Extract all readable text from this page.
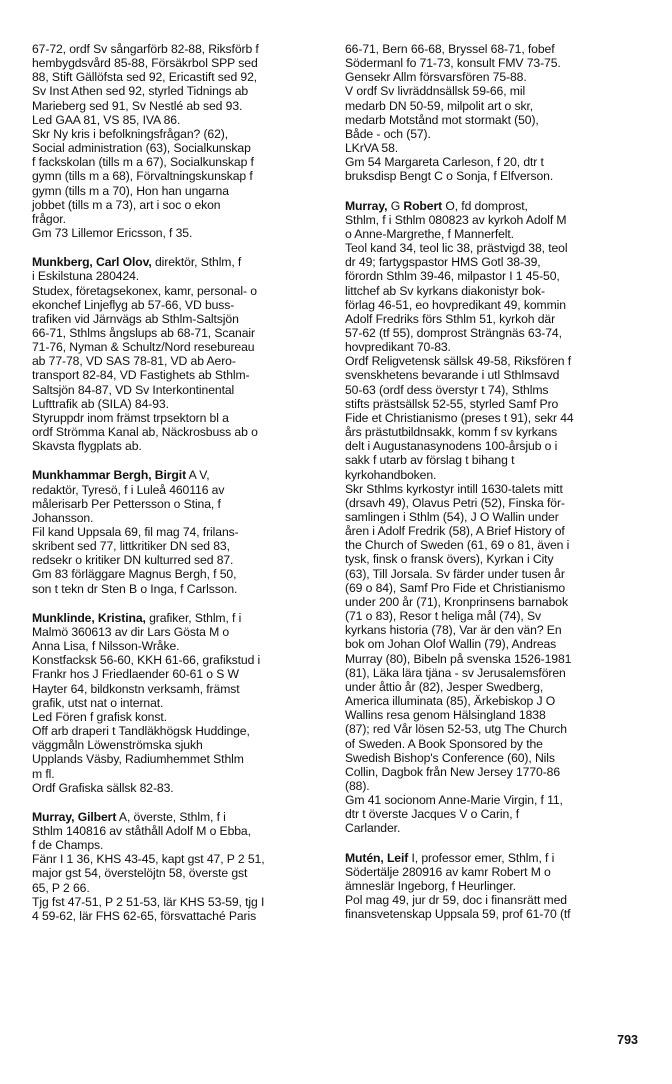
67-72, ordf Sv sångarförb 82-88, Riksförb f
hembygdsvård 85-88, Försäkrbol SPP sed
88, Stift Gällöfsta sed 92, Ericastift sed 92,
Sv Inst Athen sed 92, styrled Tidnings ab
Marieberg sed 91, Sv Nestlé ab sed 93.
Led GAA 81, VS 85, IVA 86.
Skr Ny kris i befolkningsfrågan? (62),
Social administration (63), Socialkunskap
f fackskolan (tills m a 67), Socialkunskap f
gymn (tills m a 68), Förvaltningskunskap f
gymn (tills m a 70), Hon han ungarna
jobbet (tills m a 73), art i soc o ekon
frågor.
Gm 73 Lillemor Ericsson, f 35.
Munkberg, Carl Olov, direktör, Sthlm, f
i Eskilstuna 280424.
Studex, företagsekonex, kamr, personal- o
ekonchef Linjeflyg ab 57-66, VD buss-
trafiken vid Järnvägs ab Sthlm-Saltsjön
66-71, Sthlms ångslups ab 68-71, Scanair
71-76, Nyman & Schultz/Nord resebureau
ab 77-78, VD SAS 78-81, VD ab Aero-
transport 82-84, VD Fastighets ab Sthlm-
Saltsjön 84-87, VD Sv Interkontinental
Lufttrafik ab (SILA) 84-93.
Styruppdr inom främst trpsektorn bl a
ordf Strömma Kanal ab, Näckrosbuss ab o
Skavsta flygplats ab.
Munkhammar Bergh, Birgit A V,
redaktör, Tyresö, f i Luleå 460116 av
målerisarb Per Pettersson o Stina, f
Johansson.
Fil kand Uppsala 69, fil mag 74, frilans-
skribent sed 77, littkritiker DN sed 83,
redsekr o kritiker DN kulturred sed 87.
Gm 83 förläggare Magnus Bergh, f 50,
son t tekn dr Sten B o Inga, f Carlsson.
Munklinde, Kristina, grafiker, Sthlm, f i
Malmö 360613 av dir Lars Gösta M o
Anna Lisa, f Nilsson-Wråke.
Konstfacksk 56-60, KKH 61-66, grafikstud i
Frankr hos J Friedlaender 60-61 o S W
Hayter 64, bildkonstn verksamh, främst
grafik, utst nat o internat.
Led Fören f grafisk konst.
Off arb draperi t Tandläkhögsk Huddinge,
väggmåln Löwenströmska sjukh
Upplands Väsby, Radiumhemmet Sthlm
m fl.
Ordf Grafiska sällsk 82-83.
Murray, Gilbert A, överste, Sthlm, f i
Sthlm 140816 av ståthåll Adolf M o Ebba,
f de Champs.
Fänr I 1 36, KHS 43-45, kapt gst 47, P 2 51,
major gst 54, överstelöjtn 58, överste gst
65, P 2 66.
Tjg fst 47-51, P 2 51-53, lär KHS 53-59, tjg I
4 59-62, lär FHS 62-65, försvattaché Paris
66-71, Bern 66-68, Bryssel 68-71, fobef
Södermanl fo 71-73, konsult FMV 73-75.
Gensekr Allm försvarsfören 75-88.
V ordf Sv livräddnsällsk 59-66, mil
medarb DN 50-59, milpolit art o skr,
medarb Motstånd mot stormakt (50),
Både - och (57).
LKrVA 58.
Gm 54 Margareta Carleson, f 20, dtr t
bruksdisp Bengt C o Sonja, f Elfverson.
Murray, G Robert O, fd domprost,
Sthlm, f i Sthlm 080823 av kyrkoh Adolf M
o Anne-Margrethe, f Mannerfelt.
Teol kand 34, teol lic 38, prästvigd 38, teol
dr 49; fartygspastor HMS Gotl 38-39,
förordn Sthlm 39-46, milpastor I 1 45-50,
littchef ab Sv kyrkans diakonistyr bok-
förlag 46-51, eo hovpredikant 49, kommin
Adolf Fredriks förs Sthlm 51, kyrkoh där
57-62 (tf 55), domprost Strängnäs 63-74,
hovpredikant 70-83.
Ordf Religvetensk sällsk 49-58, Riksfören f
svenskhetens bevarande i utl Sthlmsavd
50-63 (ordf dess överstyr t 74), Sthlms
stifts prästsällsk 52-55, styrled Samf Pro
Fide et Christianismo (preses t 91), sekr 44
års prästutbildnsakk, komm f sv kyrkans
delt i Augustanasynodens 100-årsjub o i
sakk f utarb av förslag t bihang t
kyrkohandboken.
Skr Sthlms kyrkostyr intill 1630-talets mitt
(drsavh 49), Olavus Petri (52), Finska för-
samlingen i Sthlm (54), J O Wallin under
åren i Adolf Fredrik (58), A Brief History of
the Church of Sweden (61, 69 o 81, även i
tysk, finsk o fransk övers), Kyrkan i City
(63), Till Jorsala. Sv färder under tusen år
(69 o 84), Samf Pro Fide et Christianismo
under 200 år (71), Kronprinsens barnabok
(71 o 83), Resor t heliga mål (74), Sv
kyrkans historia (78), Var är den vän? En
bok om Johan Olof Wallin (79), Andreas
Murray (80), Bibeln på svenska 1526-1981
(81), Läka lära tjäna - sv Jerusalemsfören
under åttio år (82), Jesper Swedberg,
America illuminata (85), Ärkebiskop J O
Wallins resa genom Hälsingland 1838
(87); red Vår lösen 52-53, utg The Church
of Sweden. A Book Sponsored by the
Swedish Bishop's Conference (60), Nils
Collin, Dagbok från New Jersey 1770-86
(88).
Gm 41 socionom Anne-Marie Virgin, f 11,
dtr t överste Jacques V o Carin, f
Carlander.
Mutén, Leif I, professor emer, Sthlm, f i
Södertälje 280916 av kamr Robert M o
ämneslär Ingeborg, f Heurlinger.
Pol mag 49, jur dr 59, doc i finansrätt med
finansvetenskap Uppsala 59, prof 61-70 (tf
793
